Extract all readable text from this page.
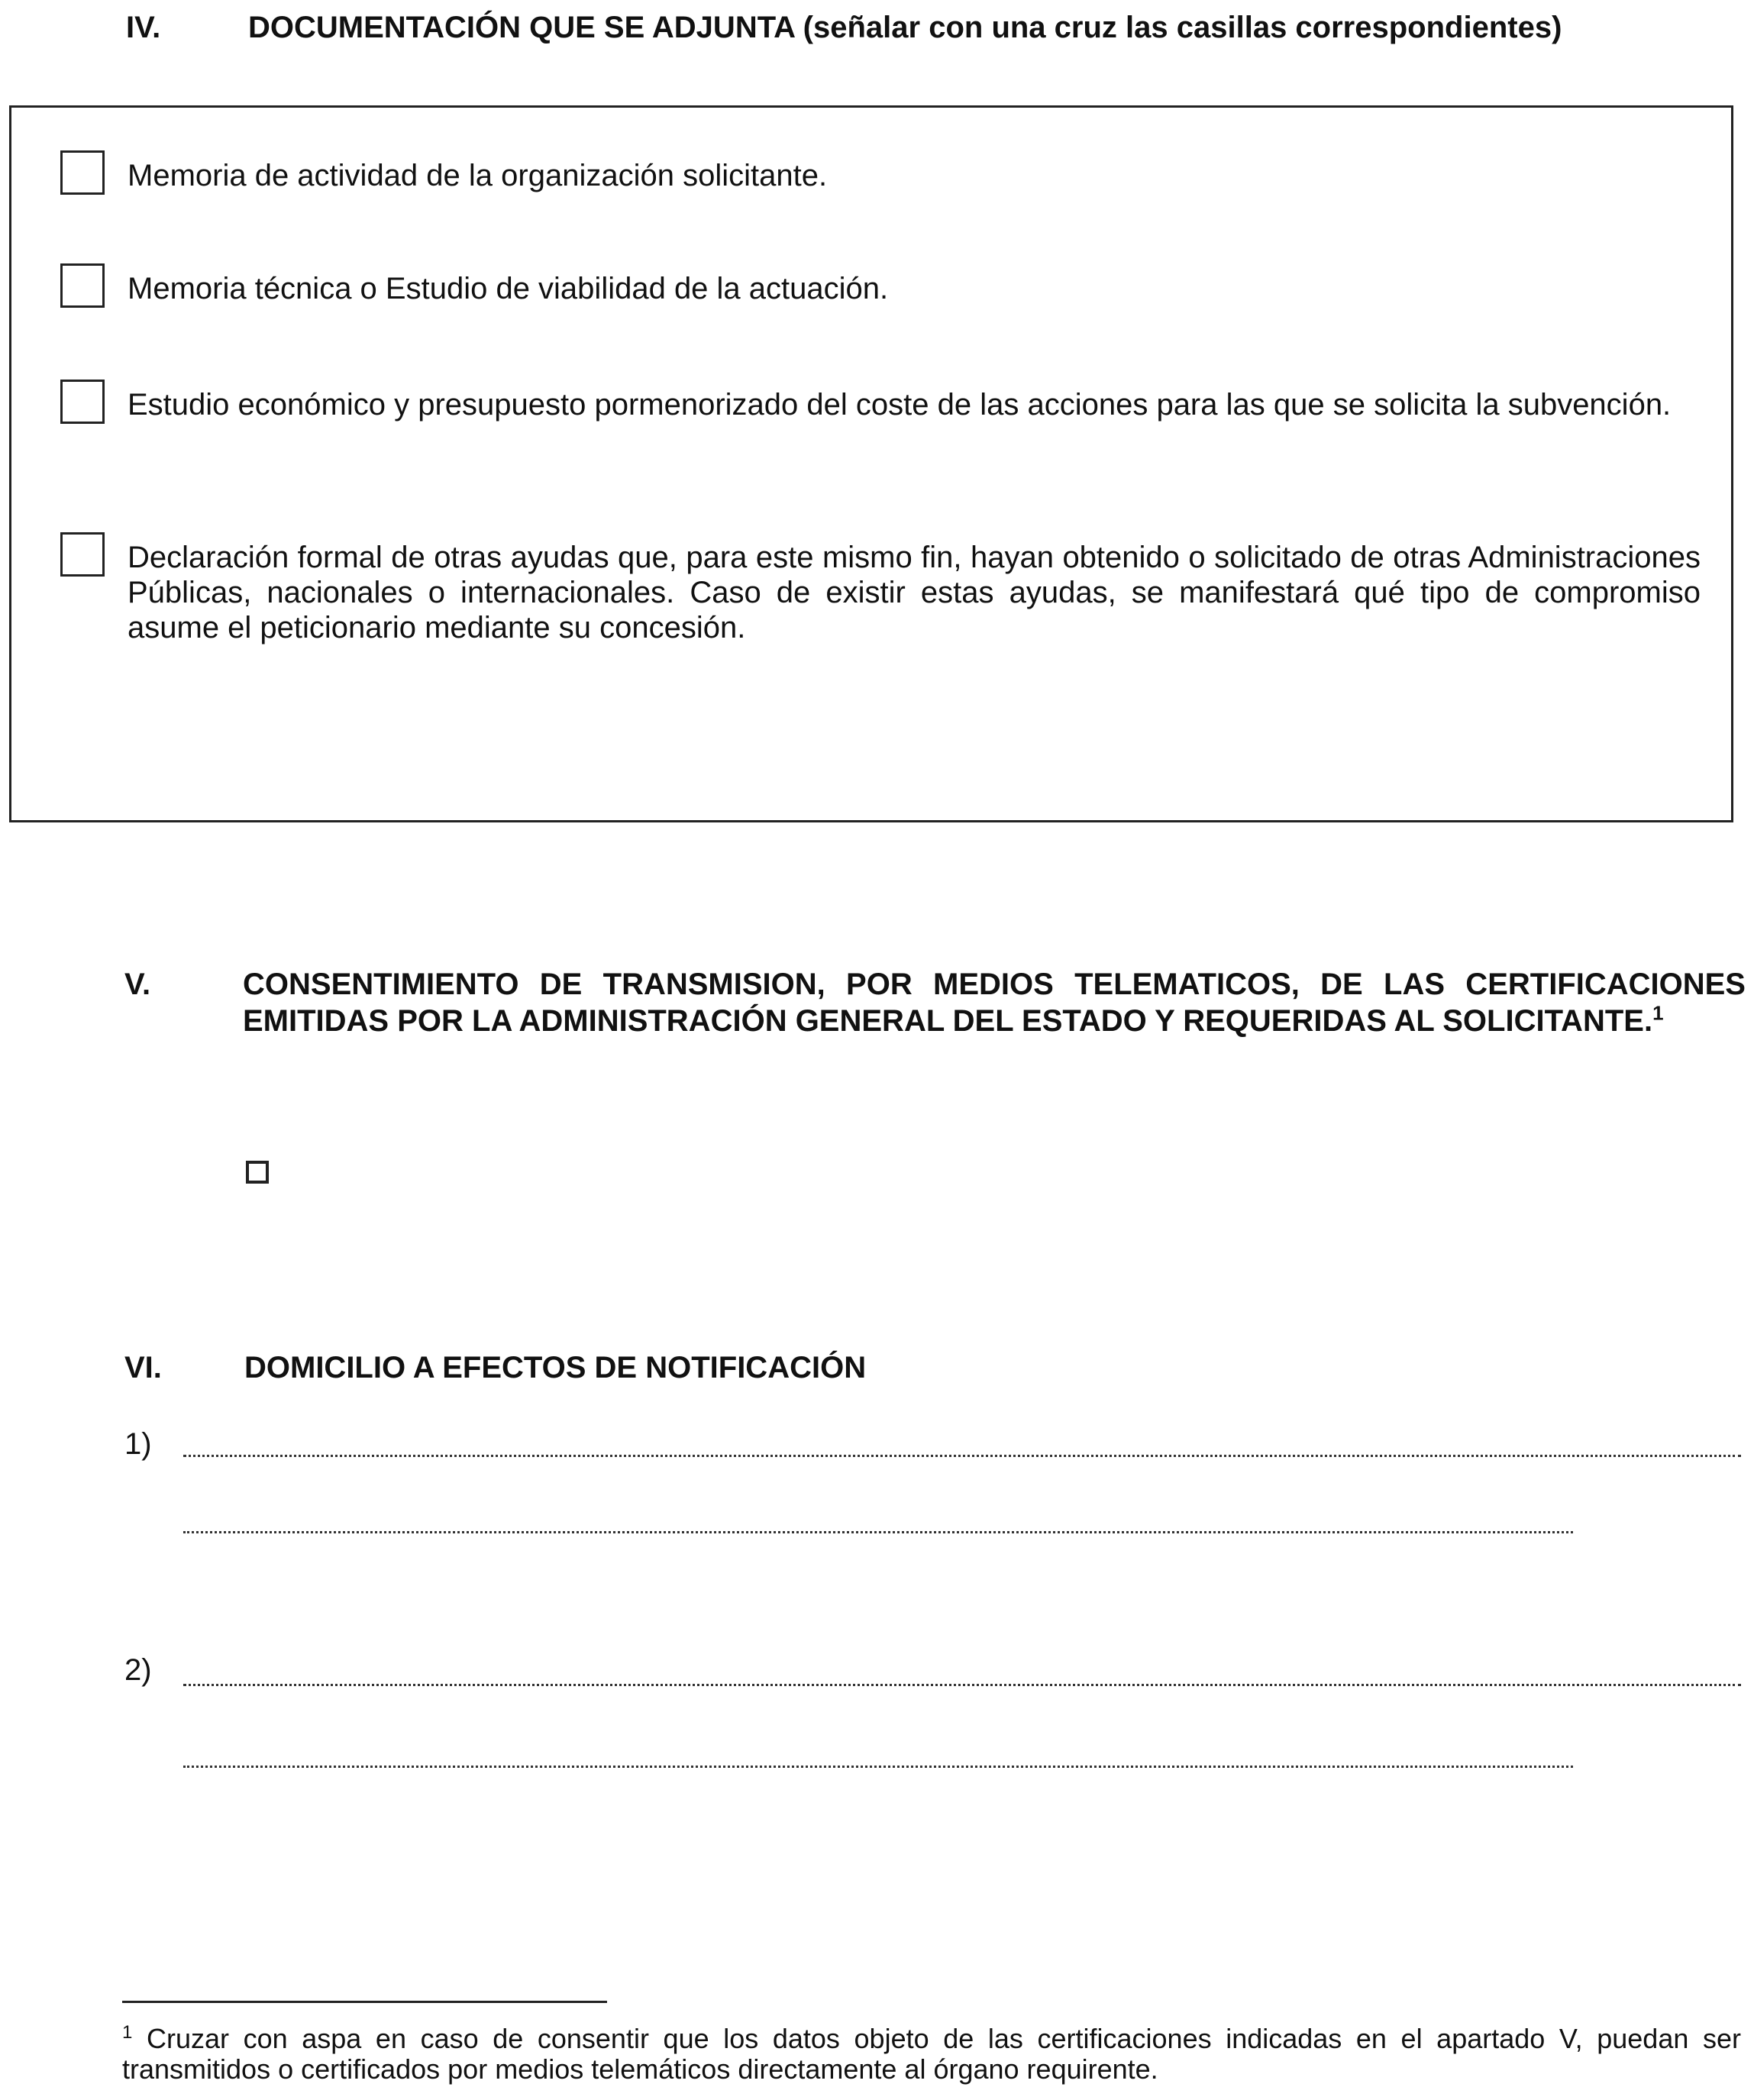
IV.	DOCUMENTACIÓN QUE SE ADJUNTA (señalar con una cruz las casillas correspondientes)
Memoria de actividad de la organización solicitante.
Memoria técnica o Estudio de viabilidad de la actuación.
Estudio económico y presupuesto pormenorizado del coste de las acciones para las que se solicita la subvención.
Declaración formal de otras ayudas que, para este mismo fin, hayan obtenido o solicitado de otras Administraciones Públicas, nacionales o internacionales. Caso de existir estas ayudas, se manifestará qué tipo de compromiso asume el peticionario mediante su concesión.
V.	CONSENTIMIENTO DE TRANSMISION, POR MEDIOS TELEMATICOS, DE LAS CERTIFICACIONES EMITIDAS POR LA ADMINISTRACIÓN GENERAL DEL ESTADO Y REQUERIDAS AL SOLICITANTE.$^1$
VI.	DOMICILIO A EFECTOS DE NOTIFICACIÓN
1)
2)
$^1$ Cruzar con aspa en caso de consentir que los datos objeto de las certificaciones indicadas en el apartado V, puedan ser transmitidos o certificados por medios telemáticos directamente al órgano requirente.
